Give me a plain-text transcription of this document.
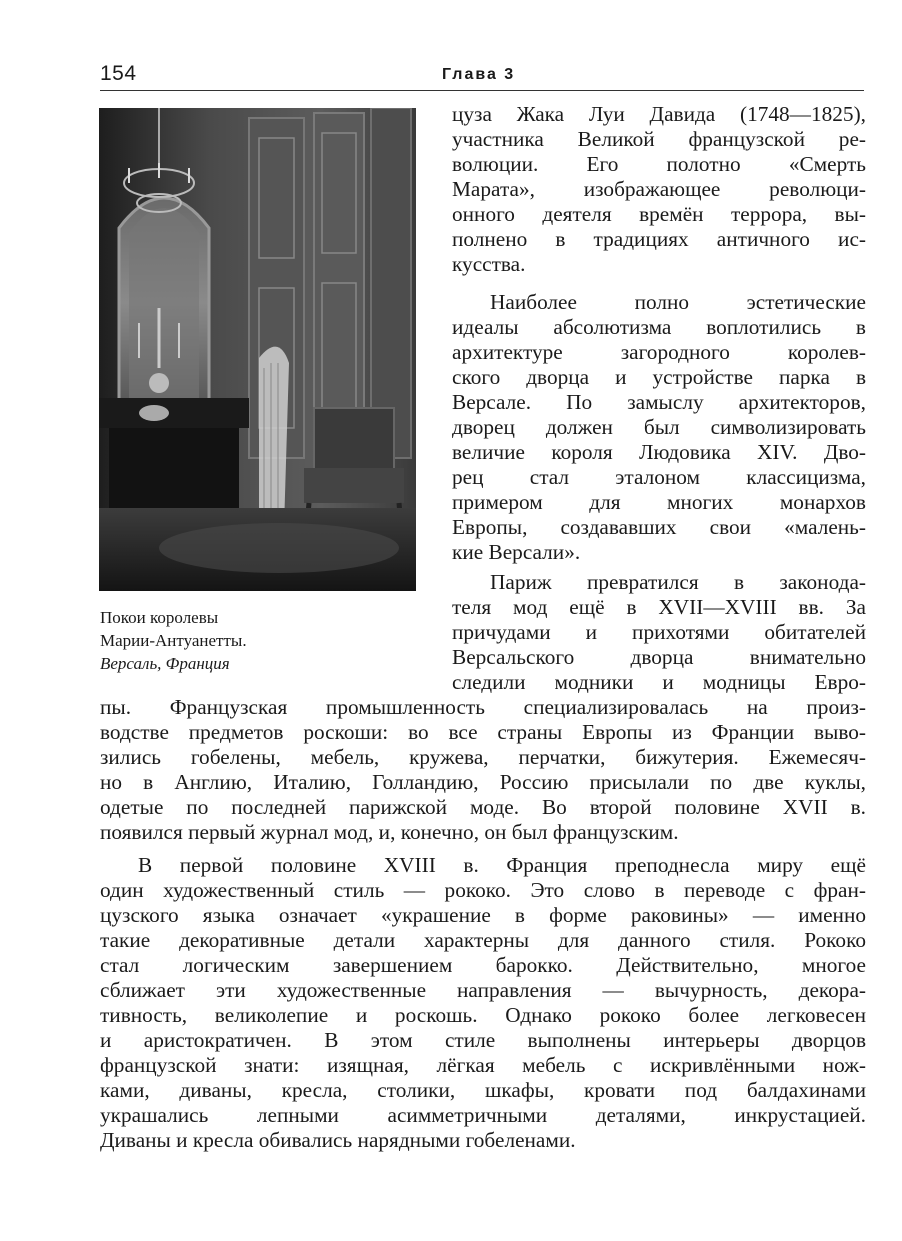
154	Глава 3
Покои королевы
Марии-Антуанетты.
Версаль, Франция
цуза Жака Луи Давида (1748—1825),
участника Великой французской ре-
волюции. Его полотно «Смерть
Марата», изображающее революци-
онного деятеля времён террора, вы-
полнено в традициях античного ис-
кусства.
Наиболее полно эстетические
идеалы абсолютизма воплотились в
архитектуре загородного королев-
ского дворца и устройстве парка в
Версале. По замыслу архитекторов,
дворец должен был символизировать
величие короля Людовика XIV. Дво-
рец стал эталоном классицизма,
примером для многих монархов
Европы, создававших свои «малень-
кие Версали».
Париж превратился в законода-
теля мод ещё в XVII—XVIII вв. За
причудами и прихотями обитателей
Версальского дворца внимательно
следили модники и модницы Евро-
пы. Французская промышленность специализировалась на произ-
водстве предметов роскоши: во все страны Европы из Франции выво-
зились гобелены, мебель, кружева, перчатки, бижутерия. Ежемесяч-
но в Англию, Италию, Голландию, Россию присылали по две куклы,
одетые по последней парижской моде. Во второй половине XVII в.
появился первый журнал мод, и, конечно, он был французским.
В первой половине XVIII в. Франция преподнесла миру ещё
один художественный стиль — рококо. Это слово в переводе с фран-
цузского языка означает «украшение в форме раковины» — именно
такие декоративные детали характерны для данного стиля. Рококо
стал логическим завершением барокко. Действительно, многое
сближает эти художественные направления — вычурность, декора-
тивность, великолепие и роскошь. Однако рококо более легковесен
и аристократичен. В этом стиле выполнены интерьеры дворцов
французской знати: изящная, лёгкая мебель с искривлёнными нож-
ками, диваны, кресла, столики, шкафы, кровати под балдахинами
украшались лепными асимметричными деталями, инкрустацией.
Диваны и кресла обивались нарядными гобеленами.
